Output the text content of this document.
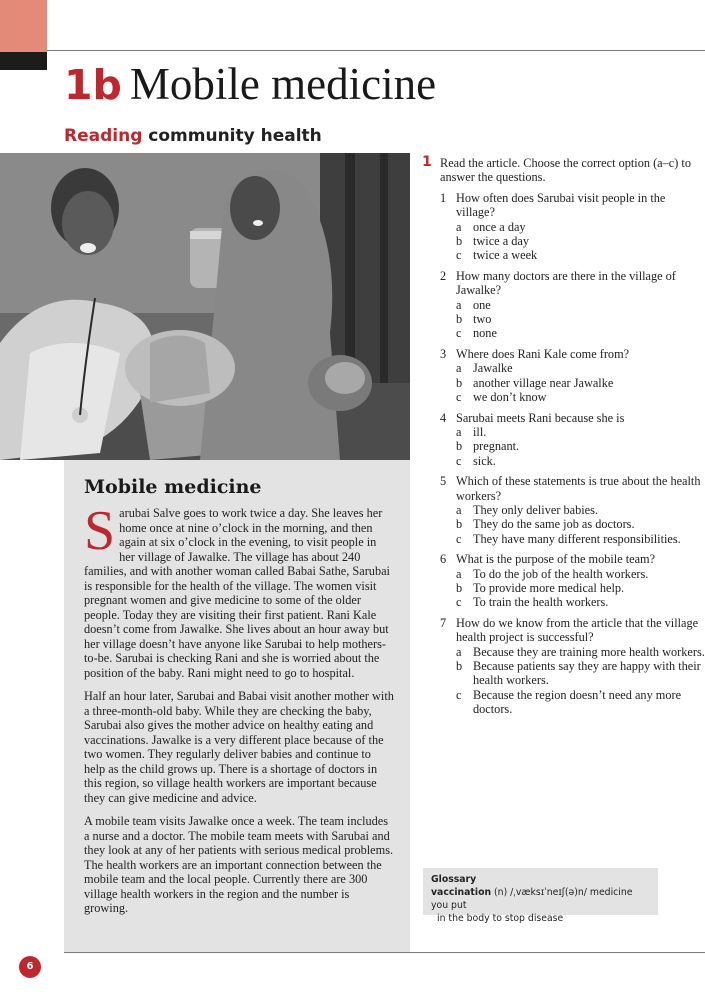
1b Mobile medicine
Reading community health
Mobile medicine

Sarubai Salve goes to work twice a day. She leaves her home once at nine o’clock in the morning, and then again at six o’clock in the evening, to visit people in her village of Jawalke. The village has about 240 families, and with another woman called Babai Sathe, Sarubai is responsible for the health of the village. The women visit pregnant women and give medicine to some of the older people. Today they are visiting their first patient. Rani Kale doesn’t come from Jawalke. She lives about an hour away but her village doesn’t have anyone like Sarubai to help mothers-to-be. Sarubai is checking Rani and she is worried about the position of the baby. Rani might need to go to hospital.

Half an hour later, Sarubai and Babai visit another mother with a three-month-old baby. While they are checking the baby, Sarubai also gives the mother advice on healthy eating and vaccinations. Jawalke is a very different place because of the two women. They regularly deliver babies and continue to help as the child grows up. There is a shortage of doctors in this region, so village health workers are important because they can give medicine and advice.

A mobile team visits Jawalke once a week. The team includes a nurse and a doctor. The mobile team meets with Sarubai and they look at any of her patients with serious medical problems. The health workers are an important connection between the mobile team and the local people. Currently there are 300 village health workers in the region and the number is growing.

1 Read the article. Choose the correct option (a–c) to answer the questions.
1 How often does Sarubai visit people in the village?
a once a day
b twice a day
c twice a week
2 How many doctors are there in the village of Jawalke?
a one
b two
c none
3 Where does Rani Kale come from?
a Jawalke
b another village near Jawalke
c we don’t know
4 Sarubai meets Rani because she is
a ill.
b pregnant.
c sick.
5 Which of these statements is true about the health workers?
a They only deliver babies.
b They do the same job as doctors.
c They have many different responsibilities.
6 What is the purpose of the mobile team?
a To do the job of the health workers.
b To provide more medical help.
c To train the health workers.
7 How do we know from the article that the village health project is successful?
a Because they are training more health workers.
b Because patients say they are happy with their health workers.
c Because the region doesn’t need any more doctors.
Glossary
vaccination (n) /ˌvæksɪˈneɪʃ(ə)n/ medicine you put
in the body to stop disease
6
